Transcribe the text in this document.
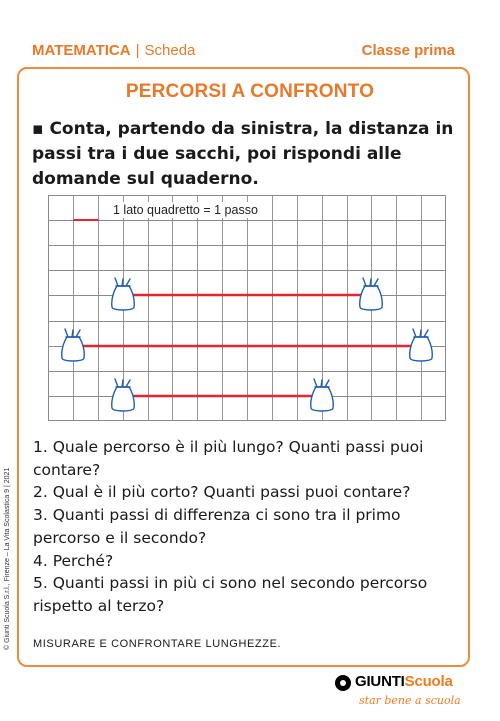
MATEMATICA | Scheda	Classe prima
PERCORSI A CONFRONTO
▪ Conta, partendo da sinistra, la distanza in passi tra i due sacchi, poi rispondi alle domande sul quaderno.
1 lato quadretto = 1 passo

1. Quale percorso è il più lungo? Quanti passi puoi contare?

2. Qual è il più corto? Quanti passi puoi contare?

3. Quanti passi di differenza ci sono tra il primo percorso e il secondo?

4. Perché?

5. Quanti passi in più ci sono nel secondo percorso rispetto al terzo?

MISURARE E CONFRONTARE LUNGHEZZE.
© Giunti Scuola S.r.l., Firenze – La Vita Scolastica 9 | 2021
GIUNTIScuola
star bene a scuola
